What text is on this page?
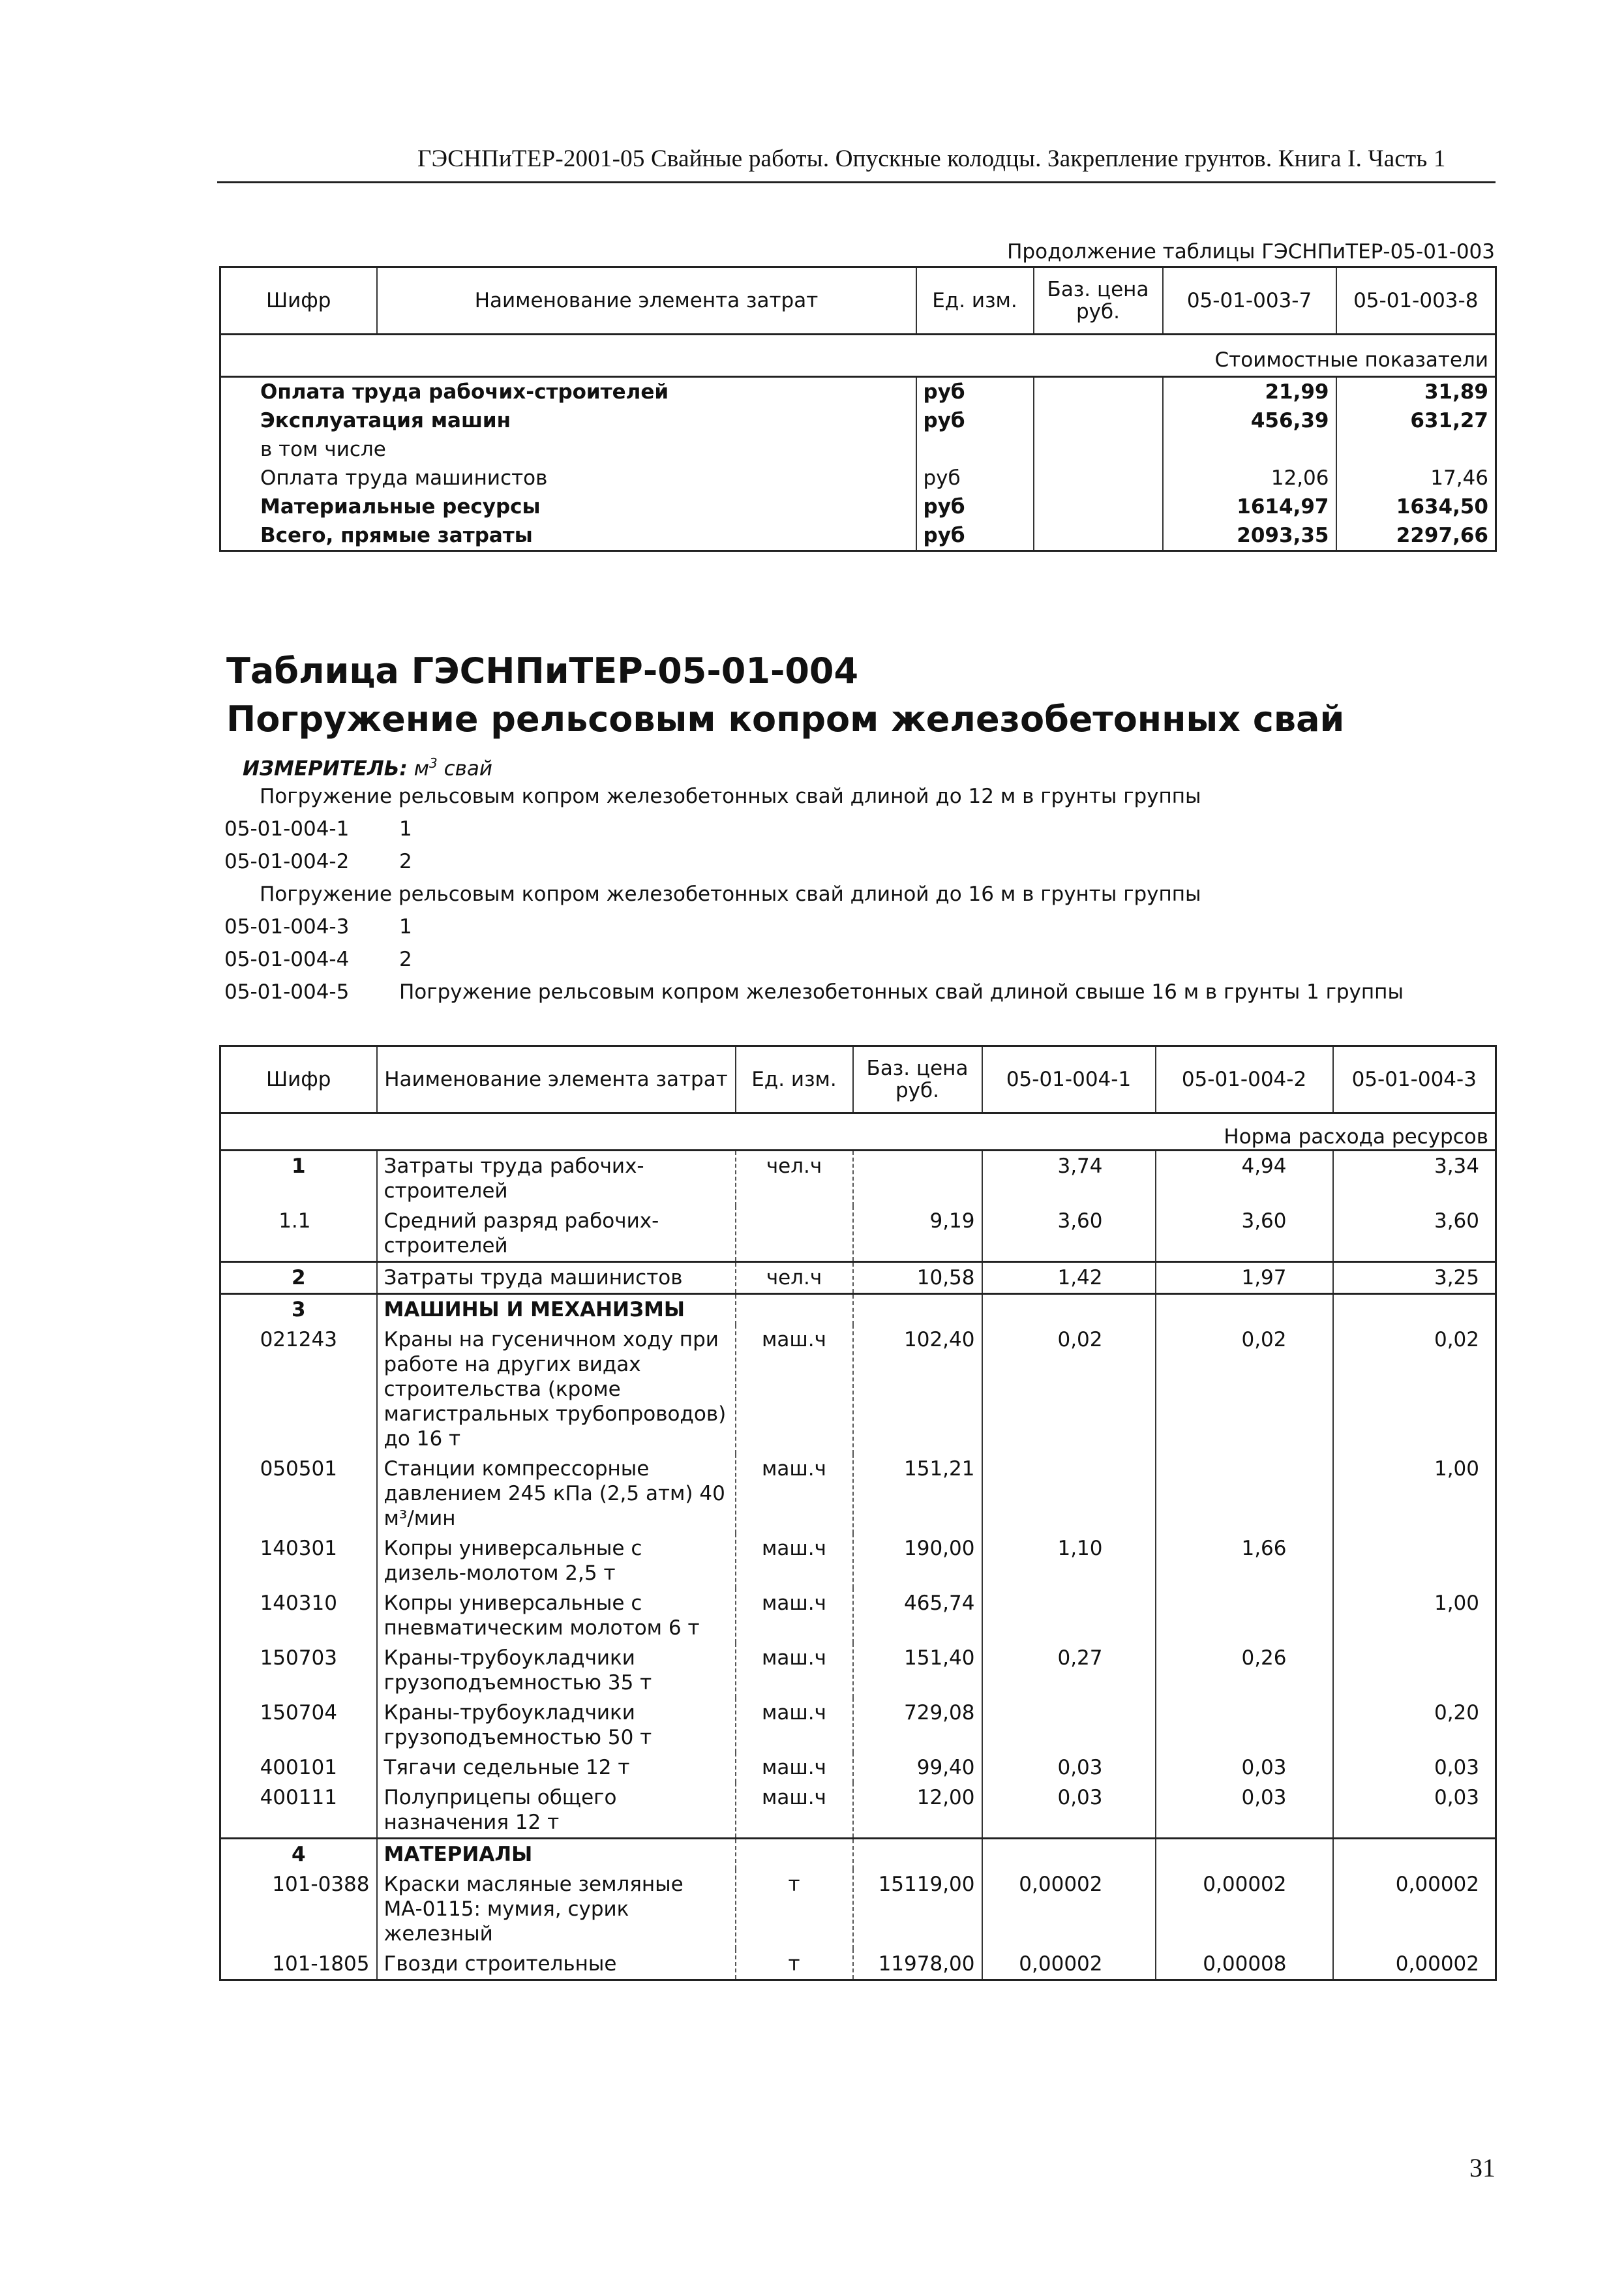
ГЭСНПиТЕР-2001-05 Свайные работы. Опускные колодцы. Закрепление грунтов. Книга I. Часть 1
Продолжение таблицы ГЭСНПиТЕР-05-01-003
Шифр	Наименование элемента затрат	Ед. изм.	Баз. цена руб.	05-01-003-7	05-01-003-8
Стоимостные показатели					
Оплата труда рабочих-строителей		руб		21,99	31,89
Эксплуатация машин		руб		456,39	631,27
в том числе					
Оплата труда машинистов		руб		12,06	17,46
Материальные ресурсы		руб		1614,97	1634,50
Всего, прямые затраты		руб		2093,35	2297,66
Таблица ГЭСНПиТЕР-05-01-004
Погружение рельсовым копром железобетонных свай
ИЗМЕРИТЕЛЬ: $м^3$ свай
Погружение рельсовым копром железобетонных свай длиной до 12 м в грунты группы
05-01-004-1 1
05-01-004-2 2
Погружение рельсовым копром железобетонных свай длиной до 16 м в грунты группы
05-01-004-3 1
05-01-004-4 2
05-01-004-5 Погружение рельсовым копром железобетонных свай длиной свыше 16 м в грунты 1 группы
Шифр	Наименование элемента затрат	Ед. изм.	Баз. цена руб.	05-01-004-1	05-01-004-2	05-01-004-3
Норма расхода ресурсов						
1	Затраты труда рабочих-строителей	чел.ч		3,74	4,94	3,34
1.1	Средний разряд рабочих-строителей		9,19	3,60	3,60	3,60
2	Затраты труда машинистов	чел.ч	10,58	1,42	1,97	3,25
3	МАШИНЫ И МЕХАНИЗМЫ					
021243	Краны на гусеничном ходу при работе на других видах строительства (кроме магистральных трубопроводов) до 16 т	маш.ч	102,40	0,02	0,02	0,02
050501	Станции компрессорные давлением 245 кПа (2,5 атм) 40 м³/мин	маш.ч	151,21			1,00
140301	Копры универсальные с дизель-молотом 2,5 т	маш.ч	190,00	1,10	1,66	
140310	Копры универсальные с пневматическим молотом 6 т	маш.ч	465,74			1,00
150703	Краны-трубоукладчики грузоподъемностью 35 т	маш.ч	151,40	0,27	0,26	
150704	Краны-трубоукладчики грузоподъемностью 50 т	маш.ч	729,08			0,20
400101	Тягачи седельные 12 т	маш.ч	99,40	0,03	0,03	0,03
400111	Полуприцепы общего назначения 12 т	маш.ч	12,00	0,03	0,03	0,03
4	МАТЕРИАЛЫ					
101-0388	Краски масляные земляные МА-0115: мумия, сурик железный	т	15119,00	0,00002	0,00002	0,00002
101-1805	Гвозди строительные	т	11978,00	0,00002	0,00008	0,00002
31
